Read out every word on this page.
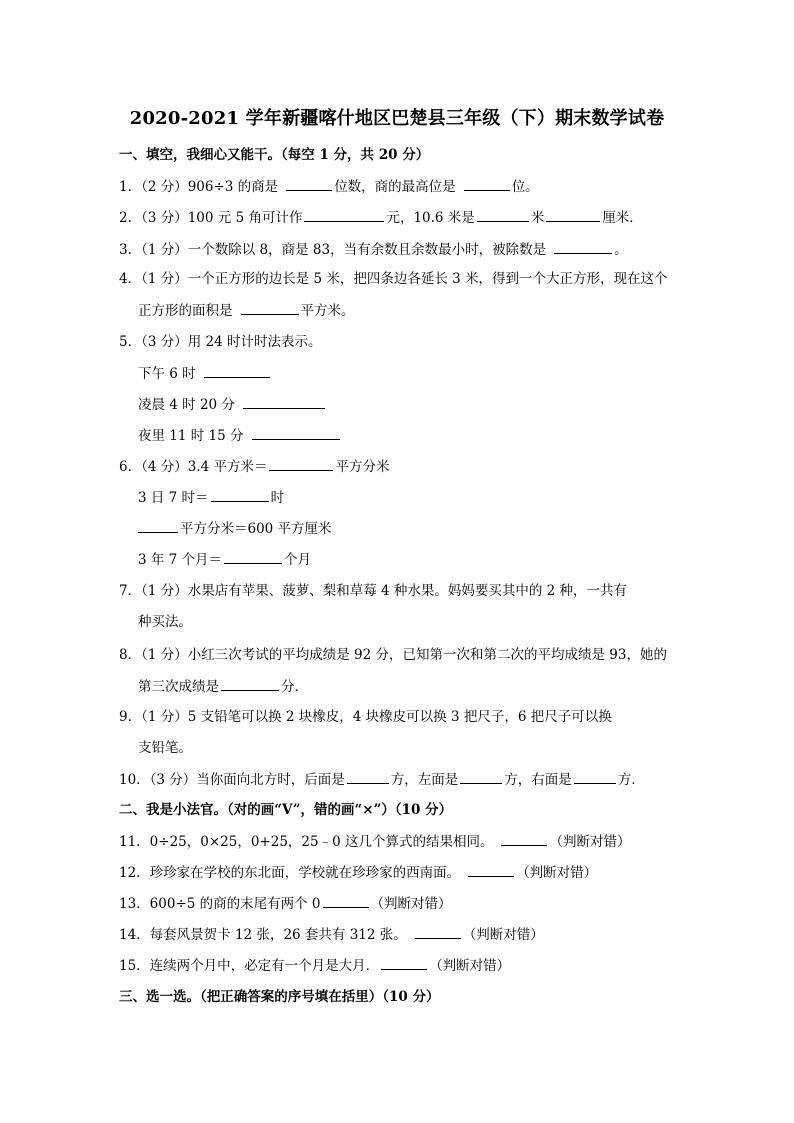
2020-2021 学年新疆喀什地区巴楚县三年级（下）期末数学试卷
一、填空，我细心又能干。（每空 1 分，共 20 分）
1．（2 分）906÷3 的商是	位数，商的最高位是	位。
2．（3 分）100 元 5 角可计作	元，10.6 米是	米	厘米．
3．（1 分）一个数除以 8，商是 83，当有余数且余数最小时，被除数是	。
4．（1 分）一个正方形的边长是 5 米，把四条边各延长 3 米，得到一个大正方形，现在这个
正方形的面积是	平方米。
5．（3 分）用 24 时计时法表示。
下午 6 时
凌晨 4 时 20 分
夜里 11 时 15 分
6．（4 分）3.4 平方米＝	平方分米
3 日 7 时＝	时
平方分米＝600 平方厘米
3 年 7 个月＝	个月
7．（1 分）水果店有苹果、菠萝、梨和草莓 4 种水果。妈妈要买其中的 2 种，一共有
种买法。
8．（1 分）小红三次考试的平均成绩是 92 分，已知第一次和第二次的平均成绩是 93，她的
第三次成绩是	分．
9．（1 分）5 支铅笔可以换 2 块橡皮，4 块橡皮可以换 3 把尺子，6 把尺子可以换
支铅笔。
10．（3 分）当你面向北方时，后面是	方，左面是	方，右面是	方．
二、我是小法官。（对的画“V”，错的画“×”）（10 分）
11．0÷25，0×25，0+25，25﹣0 这几个算式的结果相同。	（判断对错）
12．珍珍家在学校的东北面，学校就在珍珍家的西南面。	（判断对错）
13．600÷5 的商的末尾有两个 0	（判断对错）
14．每套风景贺卡 12 张，26 套共有 312 张。	（判断对错）
15．连续两个月中，必定有一个月是大月．	（判断对错）
三、选一选。（把正确答案的序号填在括里）（10 分）
